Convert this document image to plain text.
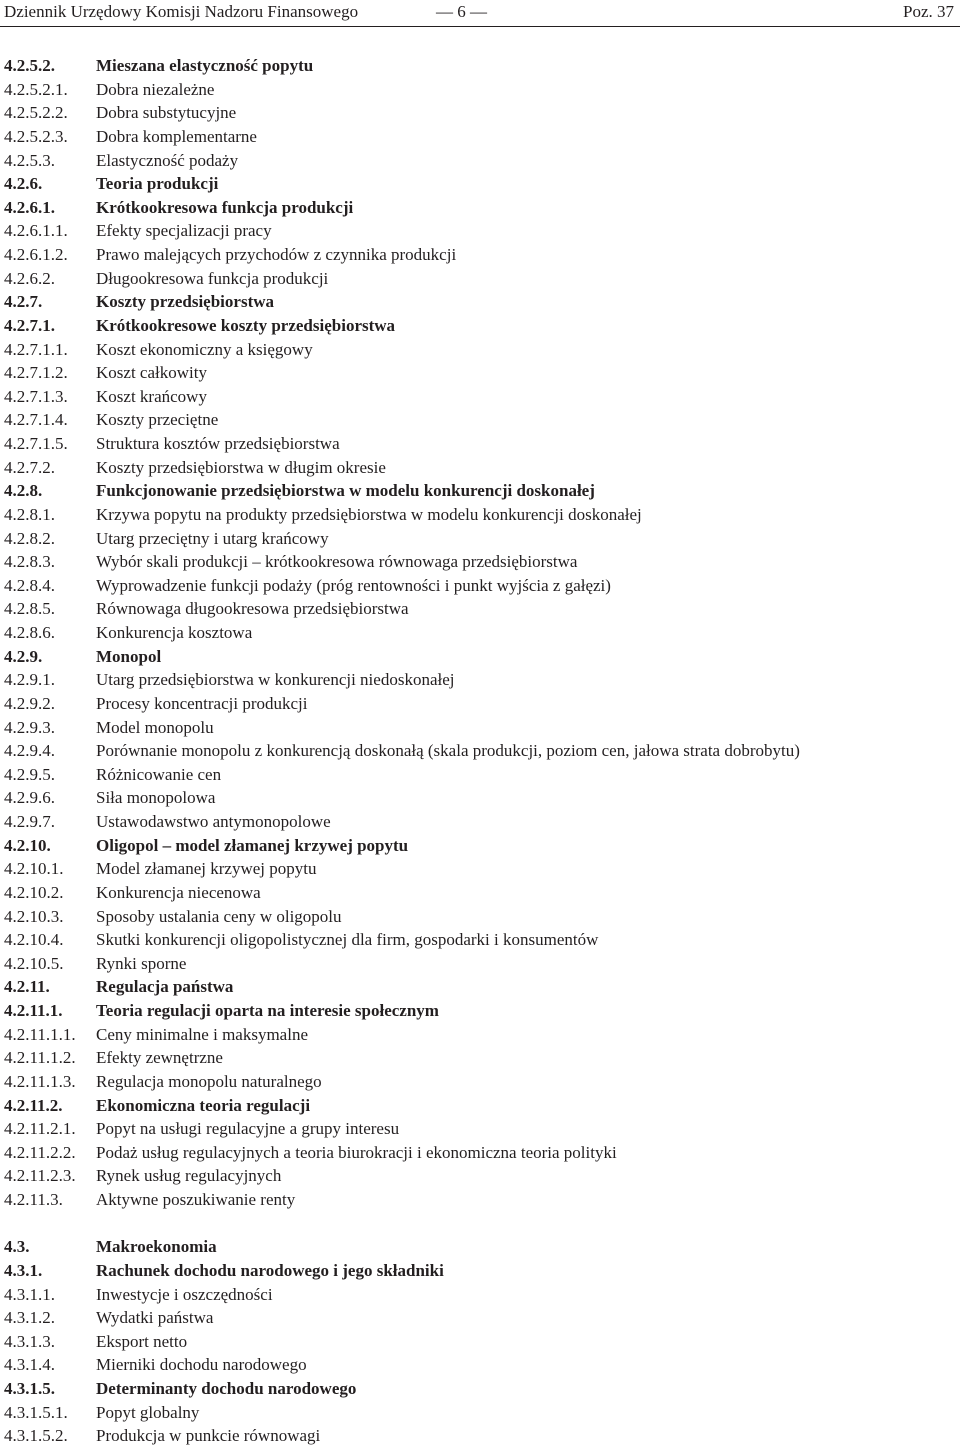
Dziennik Urzędowy Komisji Nadzoru Finansowego	— 6 —	Poz. 37
4.2.5.2. Mieszana elastyczność popytu
4.2.5.2.1. Dobra niezależne
4.2.5.2.2. Dobra substytucyjne
4.2.5.2.3. Dobra komplementarne
4.2.5.3. Elastyczność podaży
4.2.6.	Teoria produkcji
4.2.6.1. Krótkookresowa funkcja produkcji
4.2.6.1.1. Efekty specjalizacji pracy
4.2.6.1.2. Prawo malejących przychodów z czynnika produkcji
4.2.6.2. Długookresowa funkcja produkcji
4.2.7.	Koszty przedsiębiorstwa
4.2.7.1. Krótkookresowe koszty przedsiębiorstwa
4.2.7.1.1. Koszt ekonomiczny a księgowy
4.2.7.1.2. Koszt całkowity
4.2.7.1.3. Koszt krańcowy
4.2.7.1.4. Koszty przeciętne
4.2.7.1.5. Struktura kosztów przedsiębiorstwa
4.2.7.2. Koszty przedsiębiorstwa w długim okresie
4.2.8.	Funkcjonowanie przedsiębiorstwa w modelu konkurencji doskonałej
4.2.8.1. Krzywa popytu na produkty przedsiębiorstwa w modelu konkurencji doskonałej
4.2.8.2. Utarg przeciętny i utarg krańcowy
4.2.8.3. Wybór skali produkcji – krótkookresowa równowaga przedsiębiorstwa
4.2.8.4. Wyprowadzenie funkcji podaży (próg rentowności i punkt wyjścia z gałęzi)
4.2.8.5. Równowaga długookresowa przedsiębiorstwa
4.2.8.6. Konkurencja kosztowa
4.2.9.	Monopol
4.2.9.1. Utarg przedsiębiorstwa w konkurencji niedoskonałej
4.2.9.2. Procesy koncentracji produkcji
4.2.9.3. Model monopolu
4.2.9.4. Porównanie monopolu z konkurencją doskonałą (skala produkcji, poziom cen, jałowa strata dobrobytu)
4.2.9.5. Różnicowanie cen
4.2.9.6. Siła monopolowa
4.2.9.7. Ustawodawstwo antymonopolowe
4.2.10.	Oligopol – model złamanej krzywej popytu
4.2.10.1. Model złamanej krzywej popytu
4.2.10.2. Konkurencja niecenowa
4.2.10.3. Sposoby ustalania ceny w oligopolu
4.2.10.4. Skutki konkurencji oligopolistycznej dla firm, gospodarki i konsumentów
4.2.10.5. Rynki sporne
4.2.11.	Regulacja państwa
4.2.11.1. Teoria regulacji oparta na interesie społecznym
4.2.11.1.1. Ceny minimalne i maksymalne
4.2.11.1.2. Efekty zewnętrzne
4.2.11.1.3. Regulacja monopolu naturalnego
4.2.11.2. Ekonomiczna teoria regulacji
4.2.11.2.1. Popyt na usługi regulacyjne a grupy interesu
4.2.11.2.2. Podaż usług regulacyjnych a teoria biurokracji i ekonomiczna teoria polityki
4.2.11.2.3. Rynek usług regulacyjnych
4.2.11.3. Aktywne poszukiwanie renty
4.3.	Makroekonomia
4.3.1.	Rachunek dochodu narodowego i jego składniki
4.3.1.1. Inwestycje i oszczędności
4.3.1.2. Wydatki państwa
4.3.1.3. Eksport netto
4.3.1.4. Mierniki dochodu narodowego
4.3.1.5. Determinanty dochodu narodowego
4.3.1.5.1. Popyt globalny
4.3.1.5.2. Produkcja w punkcie równowagi
